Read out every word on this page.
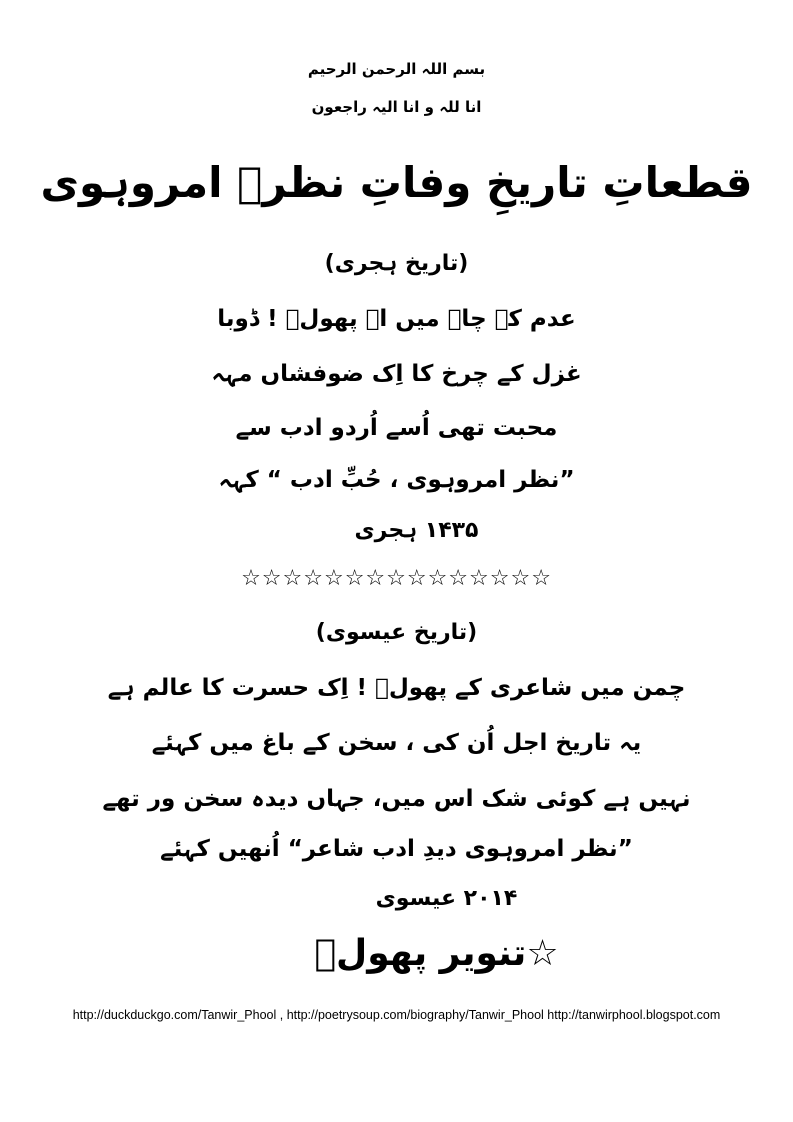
بسم اللہ الرحمن الرحیم
انا للہ و انا الیہ راجعون
قطعاتِ تاریخِ وفاتِ نظرؔ امروہوی
(تاریخ ہجری)
عدم کے چاہ میں اے پھولؔ ! ڈوبا
غزل کے چرخ کا اِک ضوفشاں مہہ
محبت تھی اُسے اُردو ادب سے
”نظر امروہوی ، حُبِّ ادب “ کہہ
۱۴۳۵ ہجری
☆☆☆☆☆☆☆☆☆☆☆☆☆☆☆
(تاریخ عیسوی)
چمن میں شاعری کے پھولؔ ! اِک حسرت کا عالم ہے
یہ تاریخ اجل اُن کی ، سخن کے باغ میں کہئے
نہیں ہے کوئی شک اس میں، جہاں دیدہ سخن ور تھے
”نظر امروہوی دیدِ ادب شاعر“ اُنھیں کہئے
۲۰۱۴ عیسوی
☆تنویر پھولؔ
http://duckduckgo.com/Tanwir_Phool , http://poetrysoup.com/biography/Tanwir_Phool http://tanwirphool.blogspot.com
